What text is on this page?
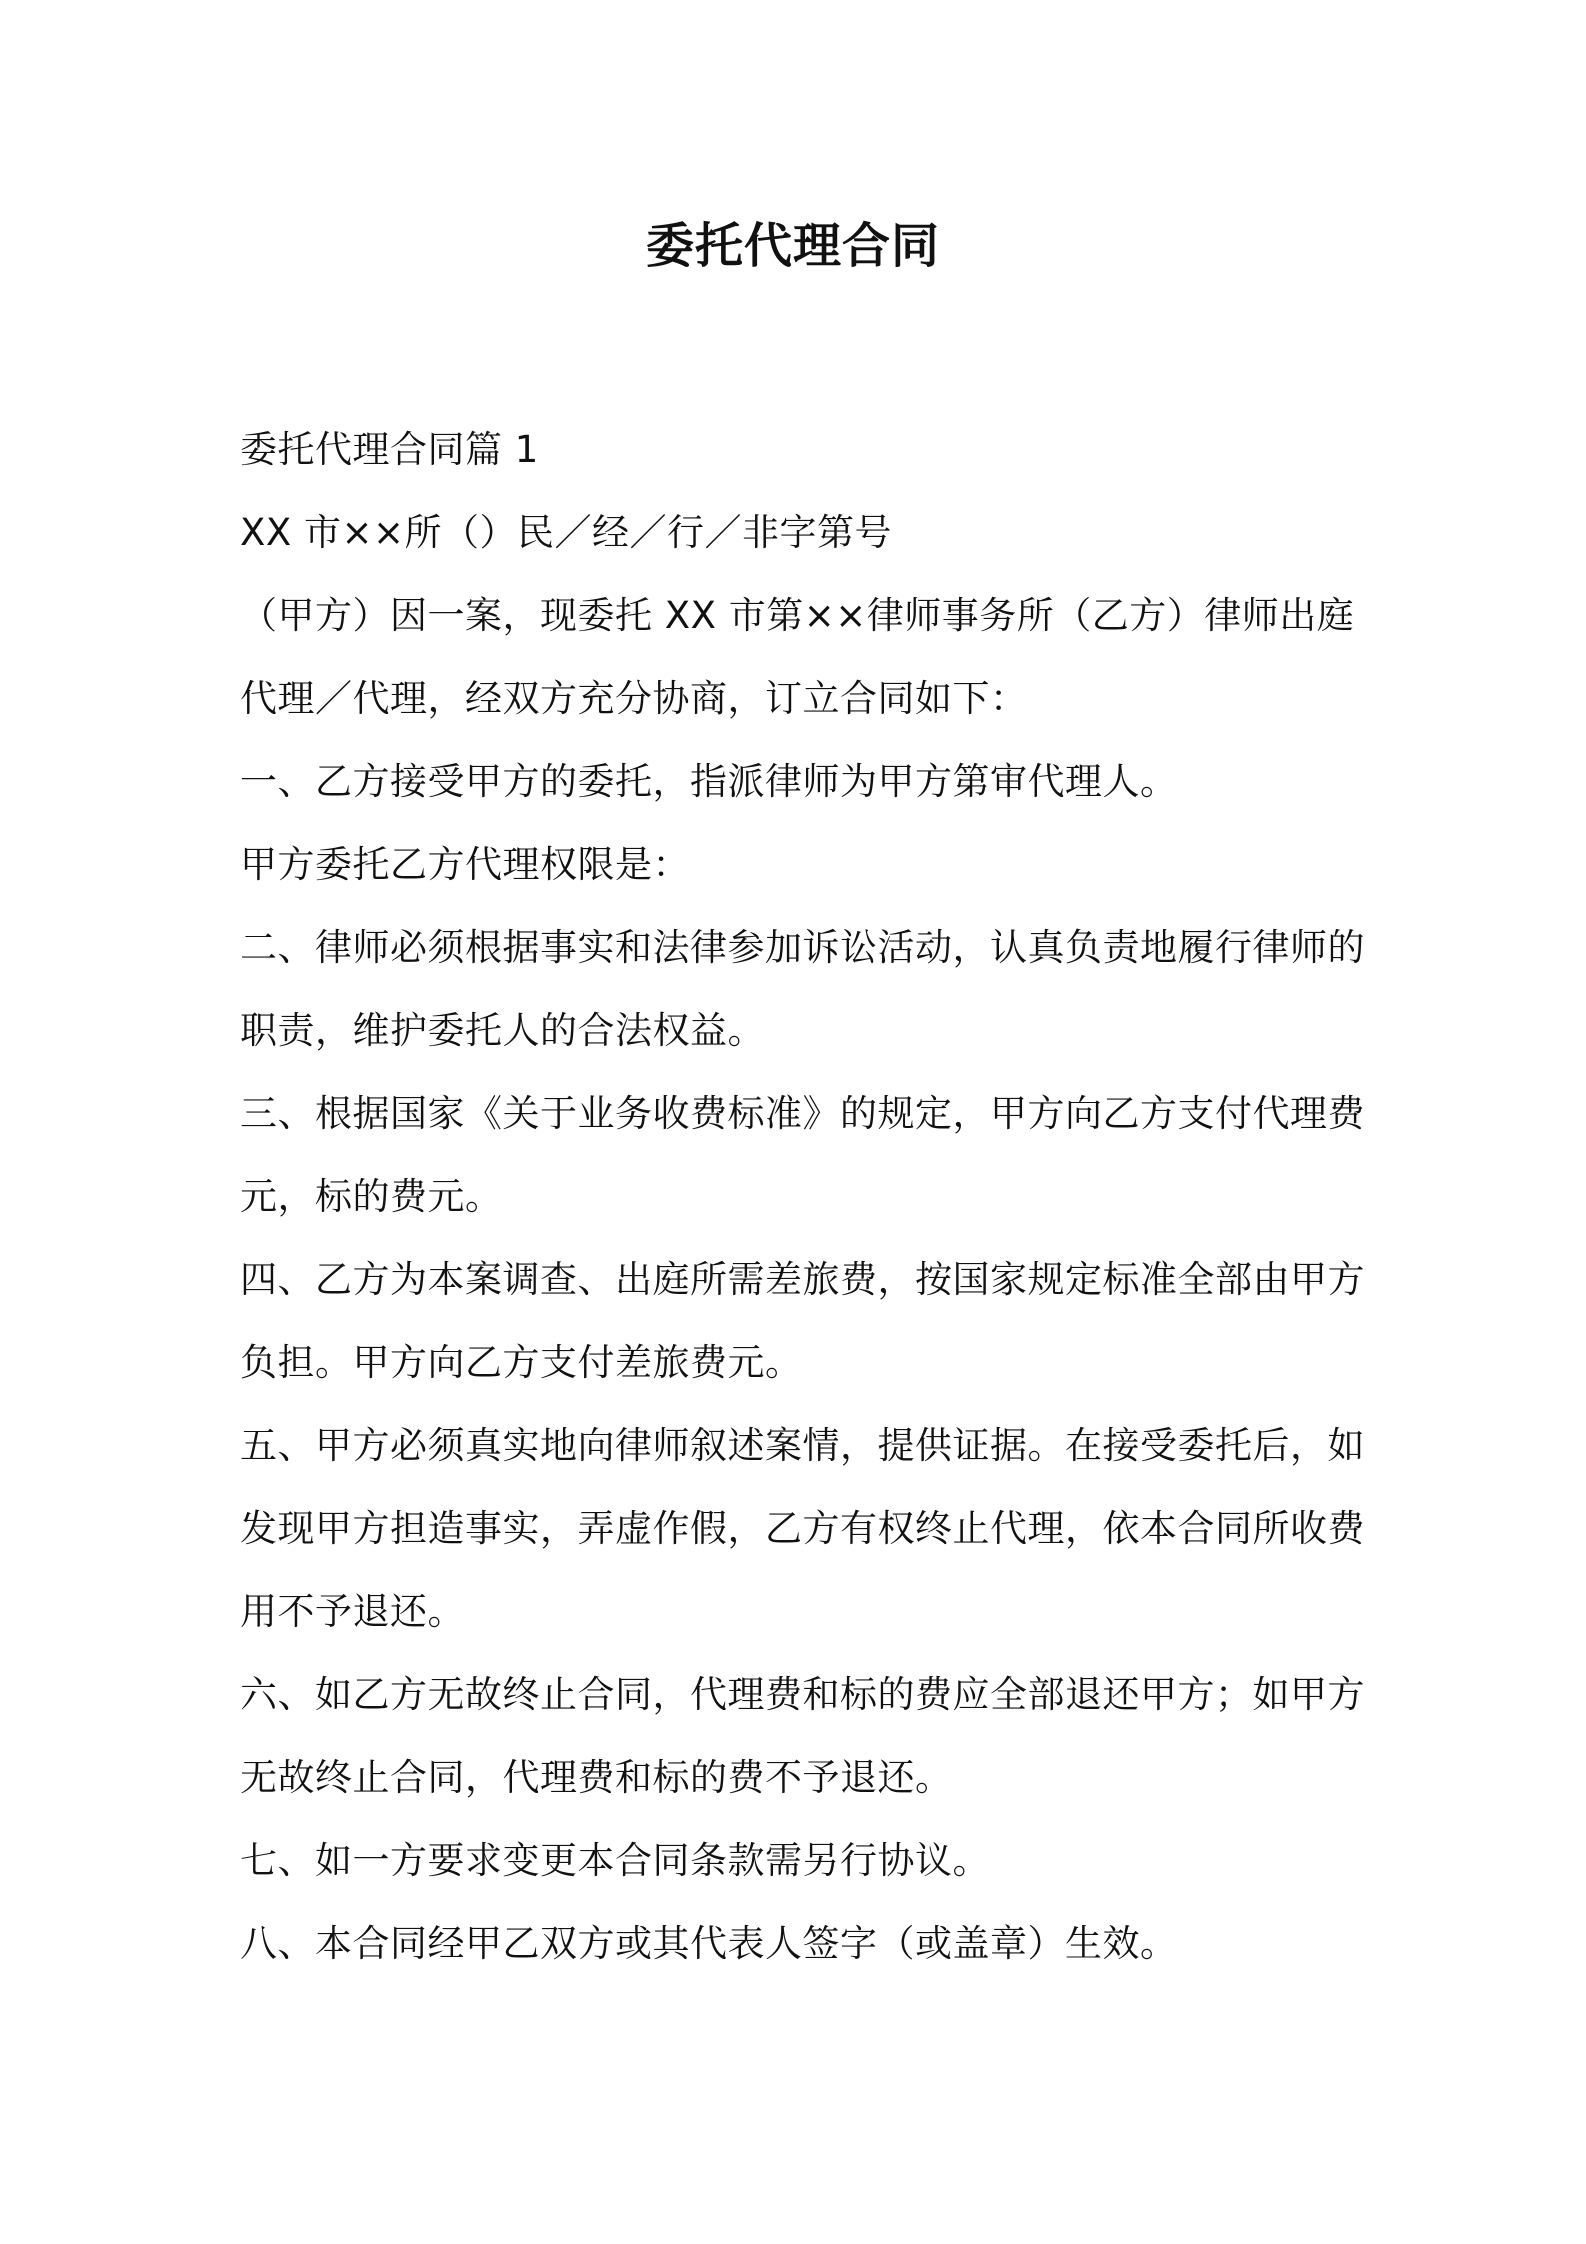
委托代理合同
委托代理合同篇 1
XX 市××所（）民／经／行／非字第号
（甲方）因一案，现委托 XX 市第××律师事务所（乙方）律师出庭
代理／代理，经双方充分协商，订立合同如下：
一、乙方接受甲方的委托，指派律师为甲方第审代理人。
甲方委托乙方代理权限是：
二、律师必须根据事实和法律参加诉讼活动，认真负责地履行律师的
职责，维护委托人的合法权益。
三、根据国家《关于业务收费标准》的规定，甲方向乙方支付代理费
元，标的费元。
四、乙方为本案调查、出庭所需差旅费，按国家规定标准全部由甲方
负担。甲方向乙方支付差旅费元。
五、甲方必须真实地向律师叙述案情，提供证据。在接受委托后，如
发现甲方担造事实，弄虚作假，乙方有权终止代理，依本合同所收费
用不予退还。
六、如乙方无故终止合同，代理费和标的费应全部退还甲方；如甲方
无故终止合同，代理费和标的费不予退还。
七、如一方要求变更本合同条款需另行协议。
八、本合同经甲乙双方或其代表人签字（或盖章）生效。
